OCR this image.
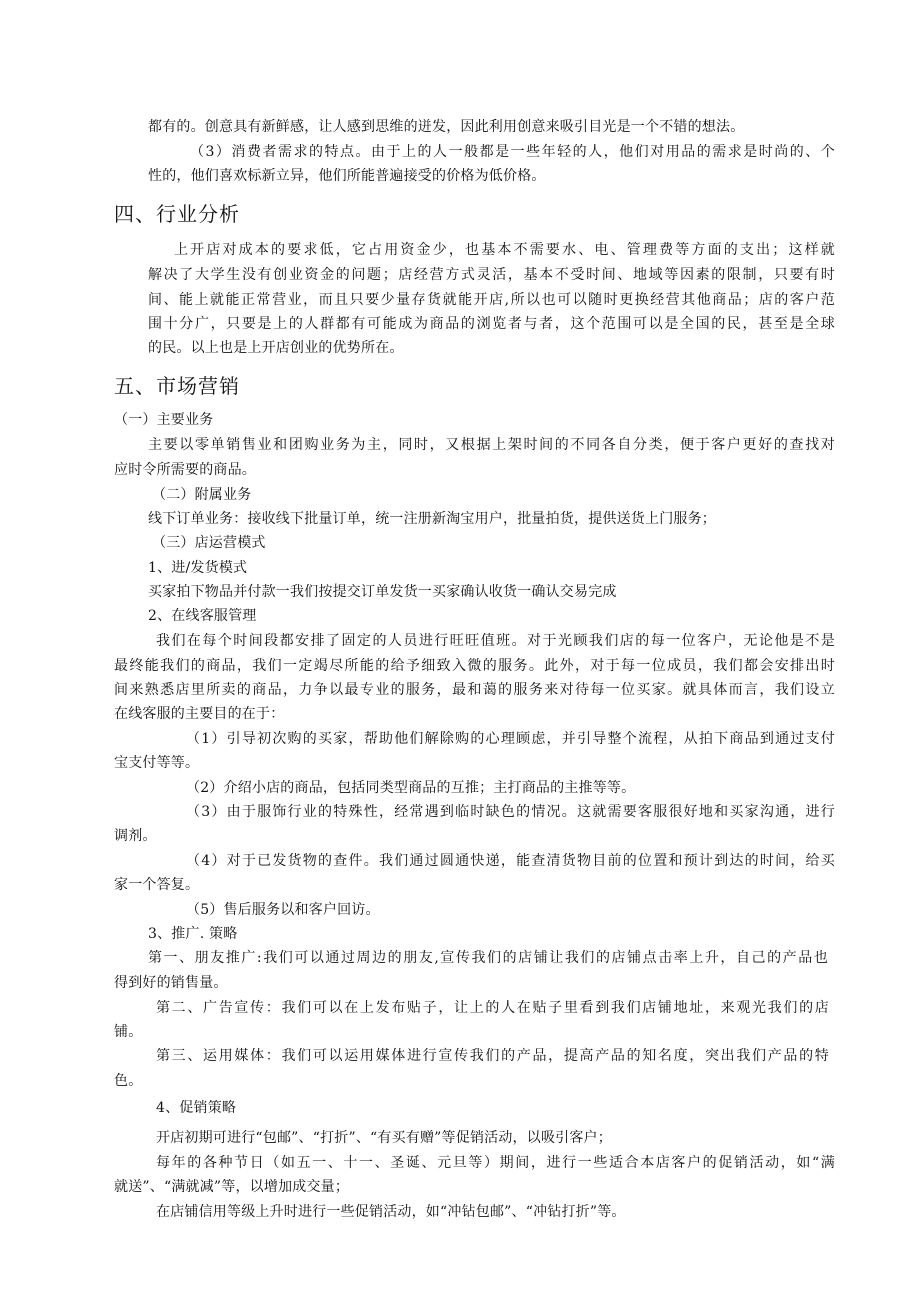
都有的。创意具有新鲜感，让人感到思维的迸发，因此利用创意来吸引目光是一个不错的想法。
（3）消费者需求的特点。由于上的人一般都是一些年轻的人，他们对用品的需求是时尚的、个
性的，他们喜欢标新立异，他们所能普遍接受的价格为低价格。
四、行业分析
上开店对成本的要求低，它占用资金少，也基本不需要水、电、管理费等方面的支出；这样就
解决了大学生没有创业资金的问题；店经营方式灵活，基本不受时间、地域等因素的限制，只要有时
间、能上就能正常营业，而且只要少量存货就能开店,所以也可以随时更换经营其他商品；店的客户范
围十分广，只要是上的人群都有可能成为商品的浏览者与者，这个范围可以是全国的民，甚至是全球
的民。以上也是上开店创业的优势所在。
五、市场营销
（一）主要业务
主要以零单销售业和团购业务为主，同时，又根据上架时间的不同各自分类，便于客户更好的查找对
应时令所需要的商品。
（二）附属业务
线下订单业务：接收线下批量订单，统一注册新淘宝用户，批量拍货，提供送货上门服务；
（三）店运营模式
1、进/发货模式
买家拍下物品并付款一我们按提交订单发货一买家确认收货一确认交易完成
2、在线客服管理
我们在每个时间段都安排了固定的人员进行旺旺值班。对于光顾我们店的每一位客户，无论他是不是
最终能我们的商品，我们一定竭尽所能的给予细致入微的服务。此外，对于每一位成员，我们都会安排出时
间来熟悉店里所卖的商品，力争以最专业的服务，最和蔼的服务来对待每一位买家。就具体而言，我们设立
在线客服的主要目的在于：
（1）引导初次购的买家，帮助他们解除购的心理顾虑，并引导整个流程，从拍下商品到通过支付
宝支付等等。
（2）介绍小店的商品，包括同类型商品的互推；主打商品的主推等等。
（3）由于服饰行业的特殊性，经常遇到临时缺色的情况。这就需要客服很好地和买家沟通，进行
调剂。
（4）对于已发货物的查件。我们通过圆通快递，能查清货物目前的位置和预计到达的时间，给买
家一个答复。
（5）售后服务以和客户回访。
3、推广. 策略
第一、朋友推广:我们可以通过周边的朋友,宣传我们的店铺让我们的店铺点击率上升，自己的产品也
得到好的销售量。
第二、广告宣传：我们可以在上发布贴子，让上的人在贴子里看到我们店铺地址，来观光我们的店
铺。
第三、运用媒体：我们可以运用媒体进行宣传我们的产品，提高产品的知名度，突出我们产品的特
色。
4、促销策略
开店初期可进行“包邮”、“打折”、“有买有赠”等促销活动，以吸引客户；
每年的各种节日（如五一、十一、圣诞、元旦等）期间，进行一些适合本店客户的促销活动，如“满
就送”、“满就减”等，以增加成交量；
在店铺信用等级上升时进行一些促销活动，如“冲钻包邮”、“冲钻打折”等。
